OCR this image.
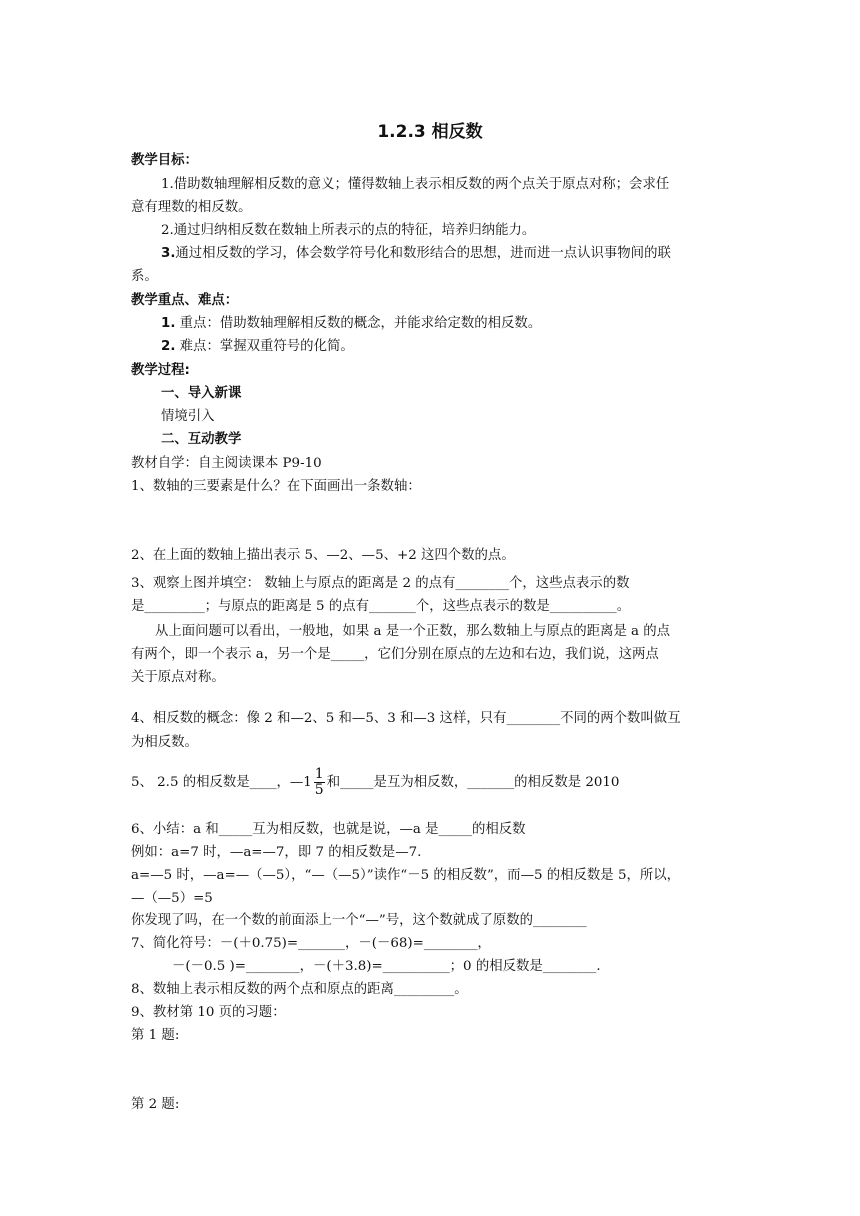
1.2.3 相反数
教学目标：
1.借助数轴理解相反数的意义；懂得数轴上表示相反数的两个点关于原点对称；会求任
意有理数的相反数。
2.通过归纳相反数在数轴上所表示的点的特征，培养归纳能力。
3.通过相反数的学习，体会数学符号化和数形结合的思想，进而进一点认识事物间的联
系。
教学重点、难点：
1. 重点：借助数轴理解相反数的概念，并能求给定数的相反数。
2. 难点：掌握双重符号的化简。
教学过程:
一、导入新课
情境引入
二、互动教学
教材自学：自主阅读课本 P9-10
1、数轴的三要素是什么？在下面画出一条数轴：
2、在上面的数轴上描出表示 5、—2、—5、+2 这四个数的点。
3、观察上图并填空： 数轴上与原点的距离是 2 的点有________个，这些点表示的数
是_________；与原点的距离是 5 的点有_______个，这些点表示的数是__________。
从上面问题可以看出，一般地，如果 a 是一个正数，那么数轴上与原点的距离是 a 的点
有两个，即一个表示 a，另一个是_____，它们分别在原点的左边和右边，我们说，这两点
关于原点对称。
4、相反数的概念：像 2 和—2、5 和—5、3 和—3 这样，只有________不同的两个数叫做互
为相反数。
5、 2.5 的相反数是____，—1 $\frac{1}{5}$ 和_____是互为相反数，_______的相反数是 2010
6、小结：a 和_____互为相反数，也就是说，—a 是_____的相反数
例如：a=7 时，—a=—7，即 7 的相反数是—7.
a=—5 时，—a=—（—5），“—（—5）”读作“－5 的相反数”，而—5 的相反数是 5，所以，
—（—5）=5
你发现了吗，在一个数的前面添上一个“—”号，这个数就成了原数的________
7、简化符号：－(＋0.75)=_______，－(－68)=________，
－(－0.5 )=________，－(＋3.8)=__________；0 的相反数是________.
8、数轴上表示相反数的两个点和原点的距离_________。
9、教材第 10 页的习题：
第 1 题:
第 2 题:
